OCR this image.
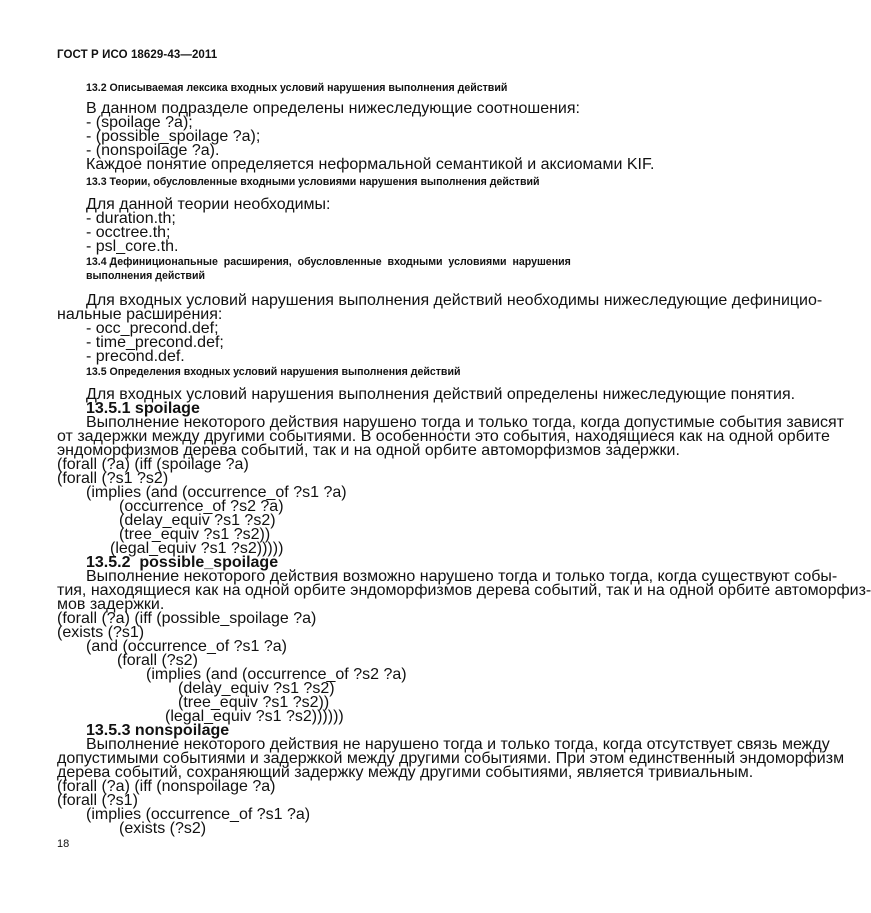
ГОСТ Р ИСО 18629-43—2011
13.2 Описываемая лексика входных условий нарушения выполнения действий
В данном подразделе определены нижеследующие соотношения:
- (spoilage ?a);
- (possible_spoilage ?a);
- (nonspoilage ?a).
Каждое понятие определяется неформальной семантикой и аксиомами KIF.
13.3 Теории, обусловленные входными условиями нарушения выполнения действий
Для данной теории необходимы:
- duration.th;
- occtree.th;
- psl_core.th.
13.4 Дефиниционапьные  расширения,  обусловленные  входными  условиями  нарушения
выполнения действий
Для входных условий нарушения выполнения действий необходимы нижеследующие дефиницио-
нальные расширения:
- occ_precond.def;
- time_precond.def;
- precond.def.
13.5 Определения входных условий нарушения выполнения действий
Для входных условий нарушения выполнения действий определены нижеследующие понятия.
13.5.1 spoilage
Выполнение некоторого действия нарушено тогда и только тогда, когда допустимые события зависят
от задержки между другими событиями. В особенности это события, находящиеся как на одной орбите
эндоморфизмов дерева событий, так и на одной орбите автоморфизмов задержки.
(forall (?a) (iff (spoilage ?a)
(forall (?s1 ?s2)
(implies (and (occurrence_of ?s1 ?a)
(occurrence_of ?s2 ?a)
(delay_equiv ?s1 ?s2)
(tree_equiv ?s1 ?s2))
(legal_equiv ?s1 ?s2)))))
13.5.2  possible_spoilage
Выполнение некоторого действия возможно нарушено тогда и только тогда, когда существуют собы-
тия, находящиеся как на одной орбите эндоморфизмов дерева событий, так и на одной орбите автоморфиз-
мов задержки.
(forall (?a) (iff (possible_spoilage ?a)
(exists (?s1)
(and (occurrence_of ?s1 ?a)
(forall (?s2)
(implies (and (occurrence_of ?s2 ?a)
(delay_equiv ?s1 ?s2)
(tree_equiv ?s1 ?s2))
(legal_equiv ?s1 ?s2))))))
13.5.3 nonspoilage
Выполнение некоторого действия не нарушено тогда и только тогда, когда отсутствует связь между
допустимыми событиями и задержкой между другими событиями. При этом единственный эндоморфизм
дерева событий, сохраняющий задержку между другими событиями, является тривиальным.
(forall (?a) (iff (nonspoilage ?a)
(forall (?s1)
(implies (occurrence_of ?s1 ?a)
(exists (?s2)
18
